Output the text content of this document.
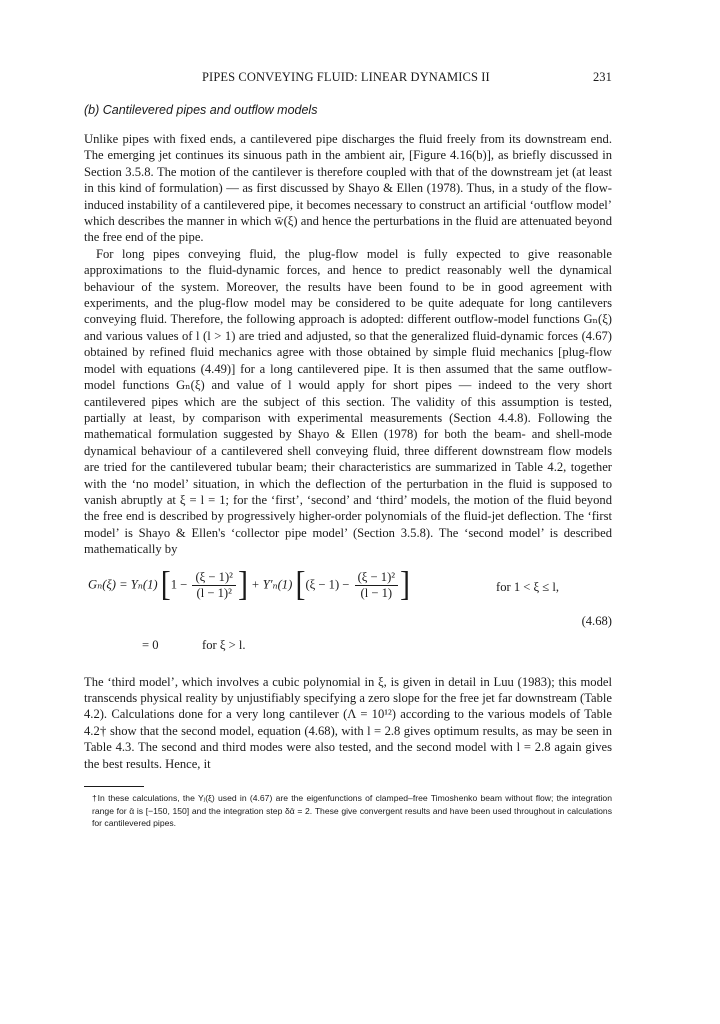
PIPES CONVEYING FLUID: LINEAR DYNAMICS II	231
(b) Cantilevered pipes and outflow models

Unlike pipes with fixed ends, a cantilevered pipe discharges the fluid freely from its downstream end. The emerging jet continues its sinuous path in the ambient air, [Figure 4.16(b)], as briefly discussed in Section 3.5.8. The motion of the cantilever is therefore coupled with that of the downstream jet (at least in this kind of formulation) — as first discussed by Shayo & Ellen (1978). Thus, in a study of the flow-induced instability of a cantilevered pipe, it becomes necessary to construct an artificial ‘outflow model’ which describes the manner in which w̄(ξ) and hence the perturbations in the fluid are attenuated beyond the free end of the pipe.

For long pipes conveying fluid, the plug-flow model is fully expected to give reasonable approximations to the fluid-dynamic forces, and hence to predict reasonably well the dynamical behaviour of the system. Moreover, the results have been found to be in good agreement with experiments, and the plug-flow model may be considered to be quite adequate for long cantilevers conveying fluid. Therefore, the following approach is adopted: different outflow-model functions Gₙ(ξ) and various values of l (l > 1) are tried and adjusted, so that the generalized fluid-dynamic forces (4.67) obtained by refined fluid mechanics agree with those obtained by simple fluid mechanics [plug-flow model with equations (4.49)] for a long cantilevered pipe. It is then assumed that the same outflow-model functions Gₙ(ξ) and value of l would apply for short pipes — indeed to the very short cantilevered pipes which are the subject of this section. The validity of this assumption is tested, partially at least, by comparison with experimental measurements (Section 4.4.8). Following the mathematical formulation suggested by Shayo & Ellen (1978) for both the beam- and shell-mode dynamical behaviour of a cantilevered shell conveying fluid, three different downstream flow models are tried for the cantilevered tubular beam; their characteristics are summarized in Table 4.2, together with the ‘no model’ situation, in which the deflection of the perturbation in the fluid is supposed to vanish abruptly at ξ = l = 1; for the ‘first’, ‘second’ and ‘third’ models, the motion of the fluid beyond the free end is described by progressively higher-order polynomials of the fluid-jet deflection. The ‘first model’ is Shayo & Ellen's ‘collector pipe model’ (Section 3.5.8). The ‘second model’ is described mathematically by

Gₙ(ξ) = Yₙ(1) [$1 - \frac{\text{(ξ − 1)²}}{\text{(l − 1)²}}$ ] + Y′ₙ(1) [$(\xi - 1) - \frac{\text{(ξ − 1)²}}{(l - 1)}$ ]	for 1 < ξ ≤ l,
(4.68)
= 0	for ξ > l.

The ‘third model’, which involves a cubic polynomial in ξ, is given in detail in Luu (1983); this model transcends physical reality by unjustifiably specifying a zero slope for the free jet far downstream (Table 4.2). Calculations done for a very long cantilever (Λ = 10¹²) according to the various models of Table 4.2† show that the second model, equation (4.68), with l = 2.8 gives optimum results, as may be seen in Table 4.3. The second and third modes were also tested, and the second model with l = 2.8 again gives the best results. Hence, it

†In these calculations, the Yⱼ(ξ) used in (4.67) are the eigenfunctions of clamped–free Timoshenko beam without flow; the integration range for ᾱ is [−150, 150] and the integration step δᾱ = 2. These give convergent results and have been used throughout in calculations for cantilevered pipes.
